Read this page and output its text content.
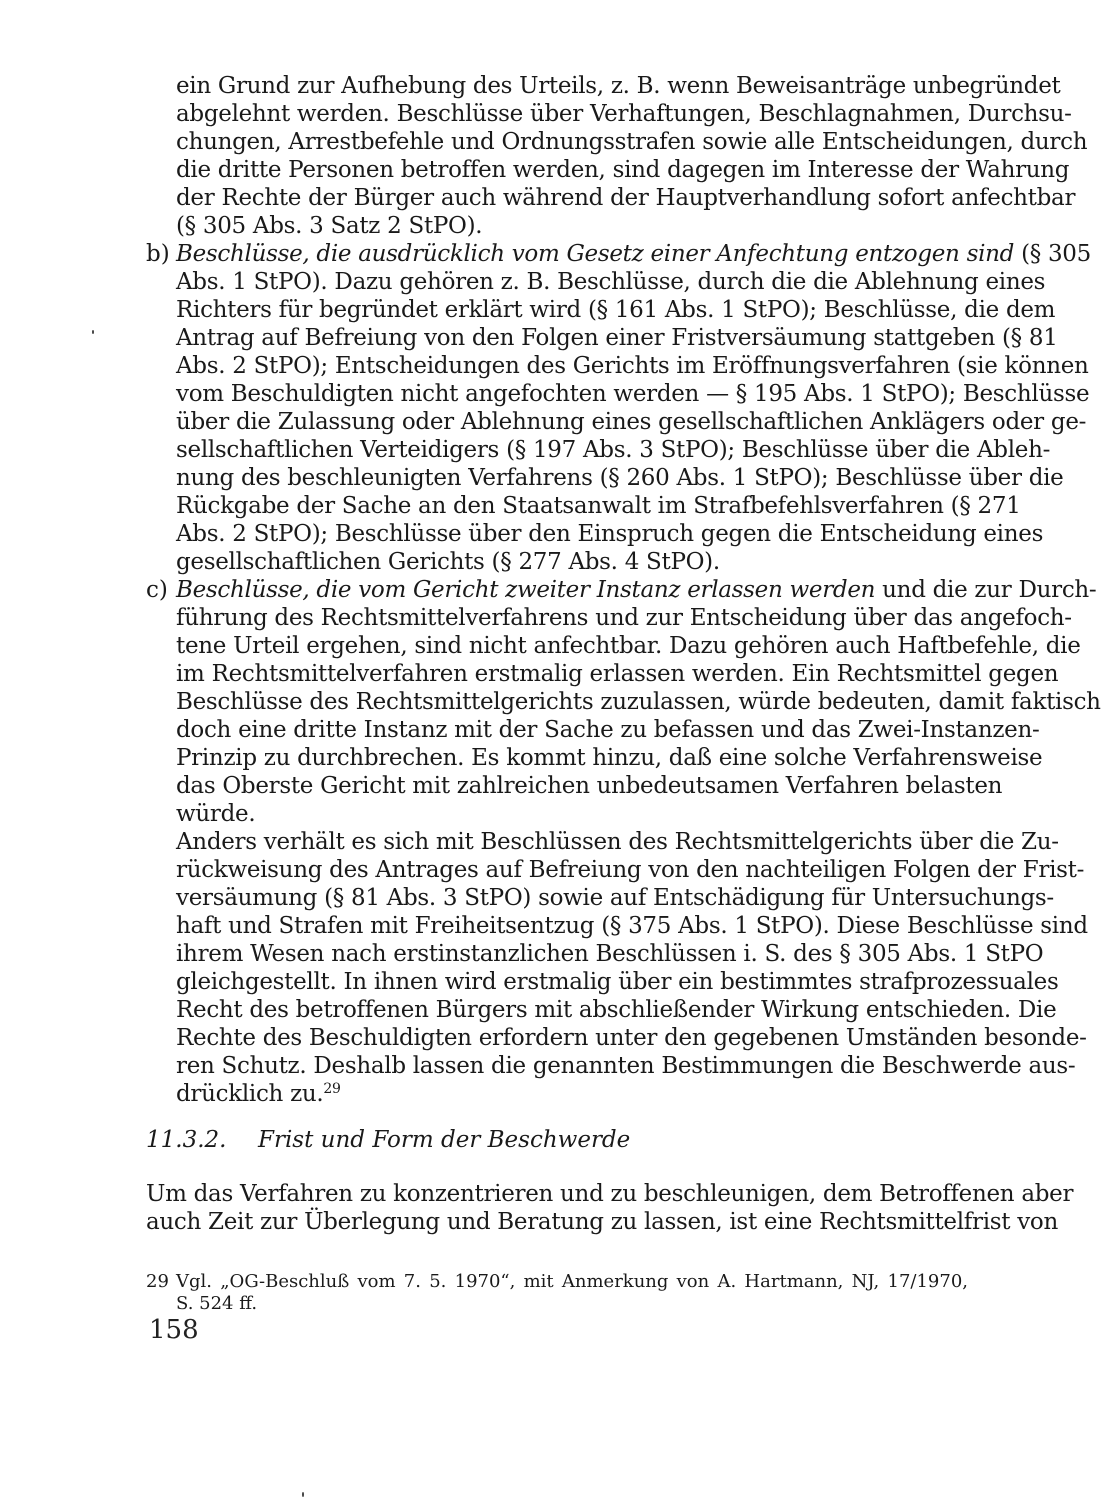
ein Grund zur Aufhebung des Urteils, z. B. wenn Beweisanträge unbegründet
abgelehnt werden. Beschlüsse über Verhaftungen, Beschlagnahmen, Durchsu-
chungen, Arrestbefehle und Ordnungsstrafen sowie alle Entscheidungen, durch
die dritte Personen betroffen werden, sind dagegen im Interesse der Wahrung
der Rechte der Bürger auch während der Hauptverhandlung sofort anfechtbar
(§ 305 Abs. 3 Satz 2 StPO).
b) Beschlüsse, die ausdrücklich vom Gesetz einer Anfechtung entzogen sind (§ 305
Abs. 1 StPO). Dazu gehören z. B. Beschlüsse, durch die die Ablehnung eines
Richters für begründet erklärt wird (§ 161 Abs. 1 StPO); Beschlüsse, die dem
Antrag auf Befreiung von den Folgen einer Fristversäumung stattgeben (§ 81
Abs. 2 StPO); Entscheidungen des Gerichts im Eröffnungsverfahren (sie können
vom Beschuldigten nicht angefochten werden — § 195 Abs. 1 StPO); Beschlüsse
über die Zulassung oder Ablehnung eines gesellschaftlichen Anklägers oder ge-
sellschaftlichen Verteidigers (§ 197 Abs. 3 StPO); Beschlüsse über die Ableh-
nung des beschleunigten Verfahrens (§ 260 Abs. 1 StPO); Beschlüsse über die
Rückgabe der Sache an den Staatsanwalt im Strafbefehlsverfahren (§ 271
Abs. 2 StPO); Beschlüsse über den Einspruch gegen die Entscheidung eines
gesellschaftlichen Gerichts (§ 277 Abs. 4 StPO).
c) Beschlüsse, die vom Gericht zweiter Instanz erlassen werden und die zur Durch-
führung des Rechtsmittelverfahrens und zur Entscheidung über das angefoch-
tene Urteil ergehen, sind nicht anfechtbar. Dazu gehören auch Haftbefehle, die
im Rechtsmittelverfahren erstmalig erlassen werden. Ein Rechtsmittel gegen
Beschlüsse des Rechtsmittelgerichts zuzulassen, würde bedeuten, damit faktisch
doch eine dritte Instanz mit der Sache zu befassen und das Zwei-Instanzen-
Prinzip zu durchbrechen. Es kommt hinzu, daß eine solche Verfahrensweise
das Oberste Gericht mit zahlreichen unbedeutsamen Verfahren belasten
würde.
Anders verhält es sich mit Beschlüssen des Rechtsmittelgerichts über die Zu-
rückweisung des Antrages auf Befreiung von den nachteiligen Folgen der Frist-
versäumung (§ 81 Abs. 3 StPO) sowie auf Entschädigung für Untersuchungs-
haft und Strafen mit Freiheitsentzug (§ 375 Abs. 1 StPO). Diese Beschlüsse sind
ihrem Wesen nach erstinstanzlichen Beschlüssen i. S. des § 305 Abs. 1 StPO
gleichgestellt. In ihnen wird erstmalig über ein bestimmtes strafprozessuales
Recht des betroffenen Bürgers mit abschließender Wirkung entschieden. Die
Rechte des Beschuldigten erfordern unter den gegebenen Umständen besonde-
ren Schutz. Deshalb lassen die genannten Bestimmungen die Beschwerde aus-
drücklich zu.$^{29}$
11.3.2. Frist und Form der Beschwerde
Um das Verfahren zu konzentrieren und zu beschleunigen, dem Betroffenen aber
auch Zeit zur Überlegung und Beratung zu lassen, ist eine Rechtsmittelfrist von
29 Vgl. „OG-Beschluß vom 7. 5. 1970“, mit Anmerkung von A. Hartmann, NJ, 17/1970,
S. 524 ff.
158
